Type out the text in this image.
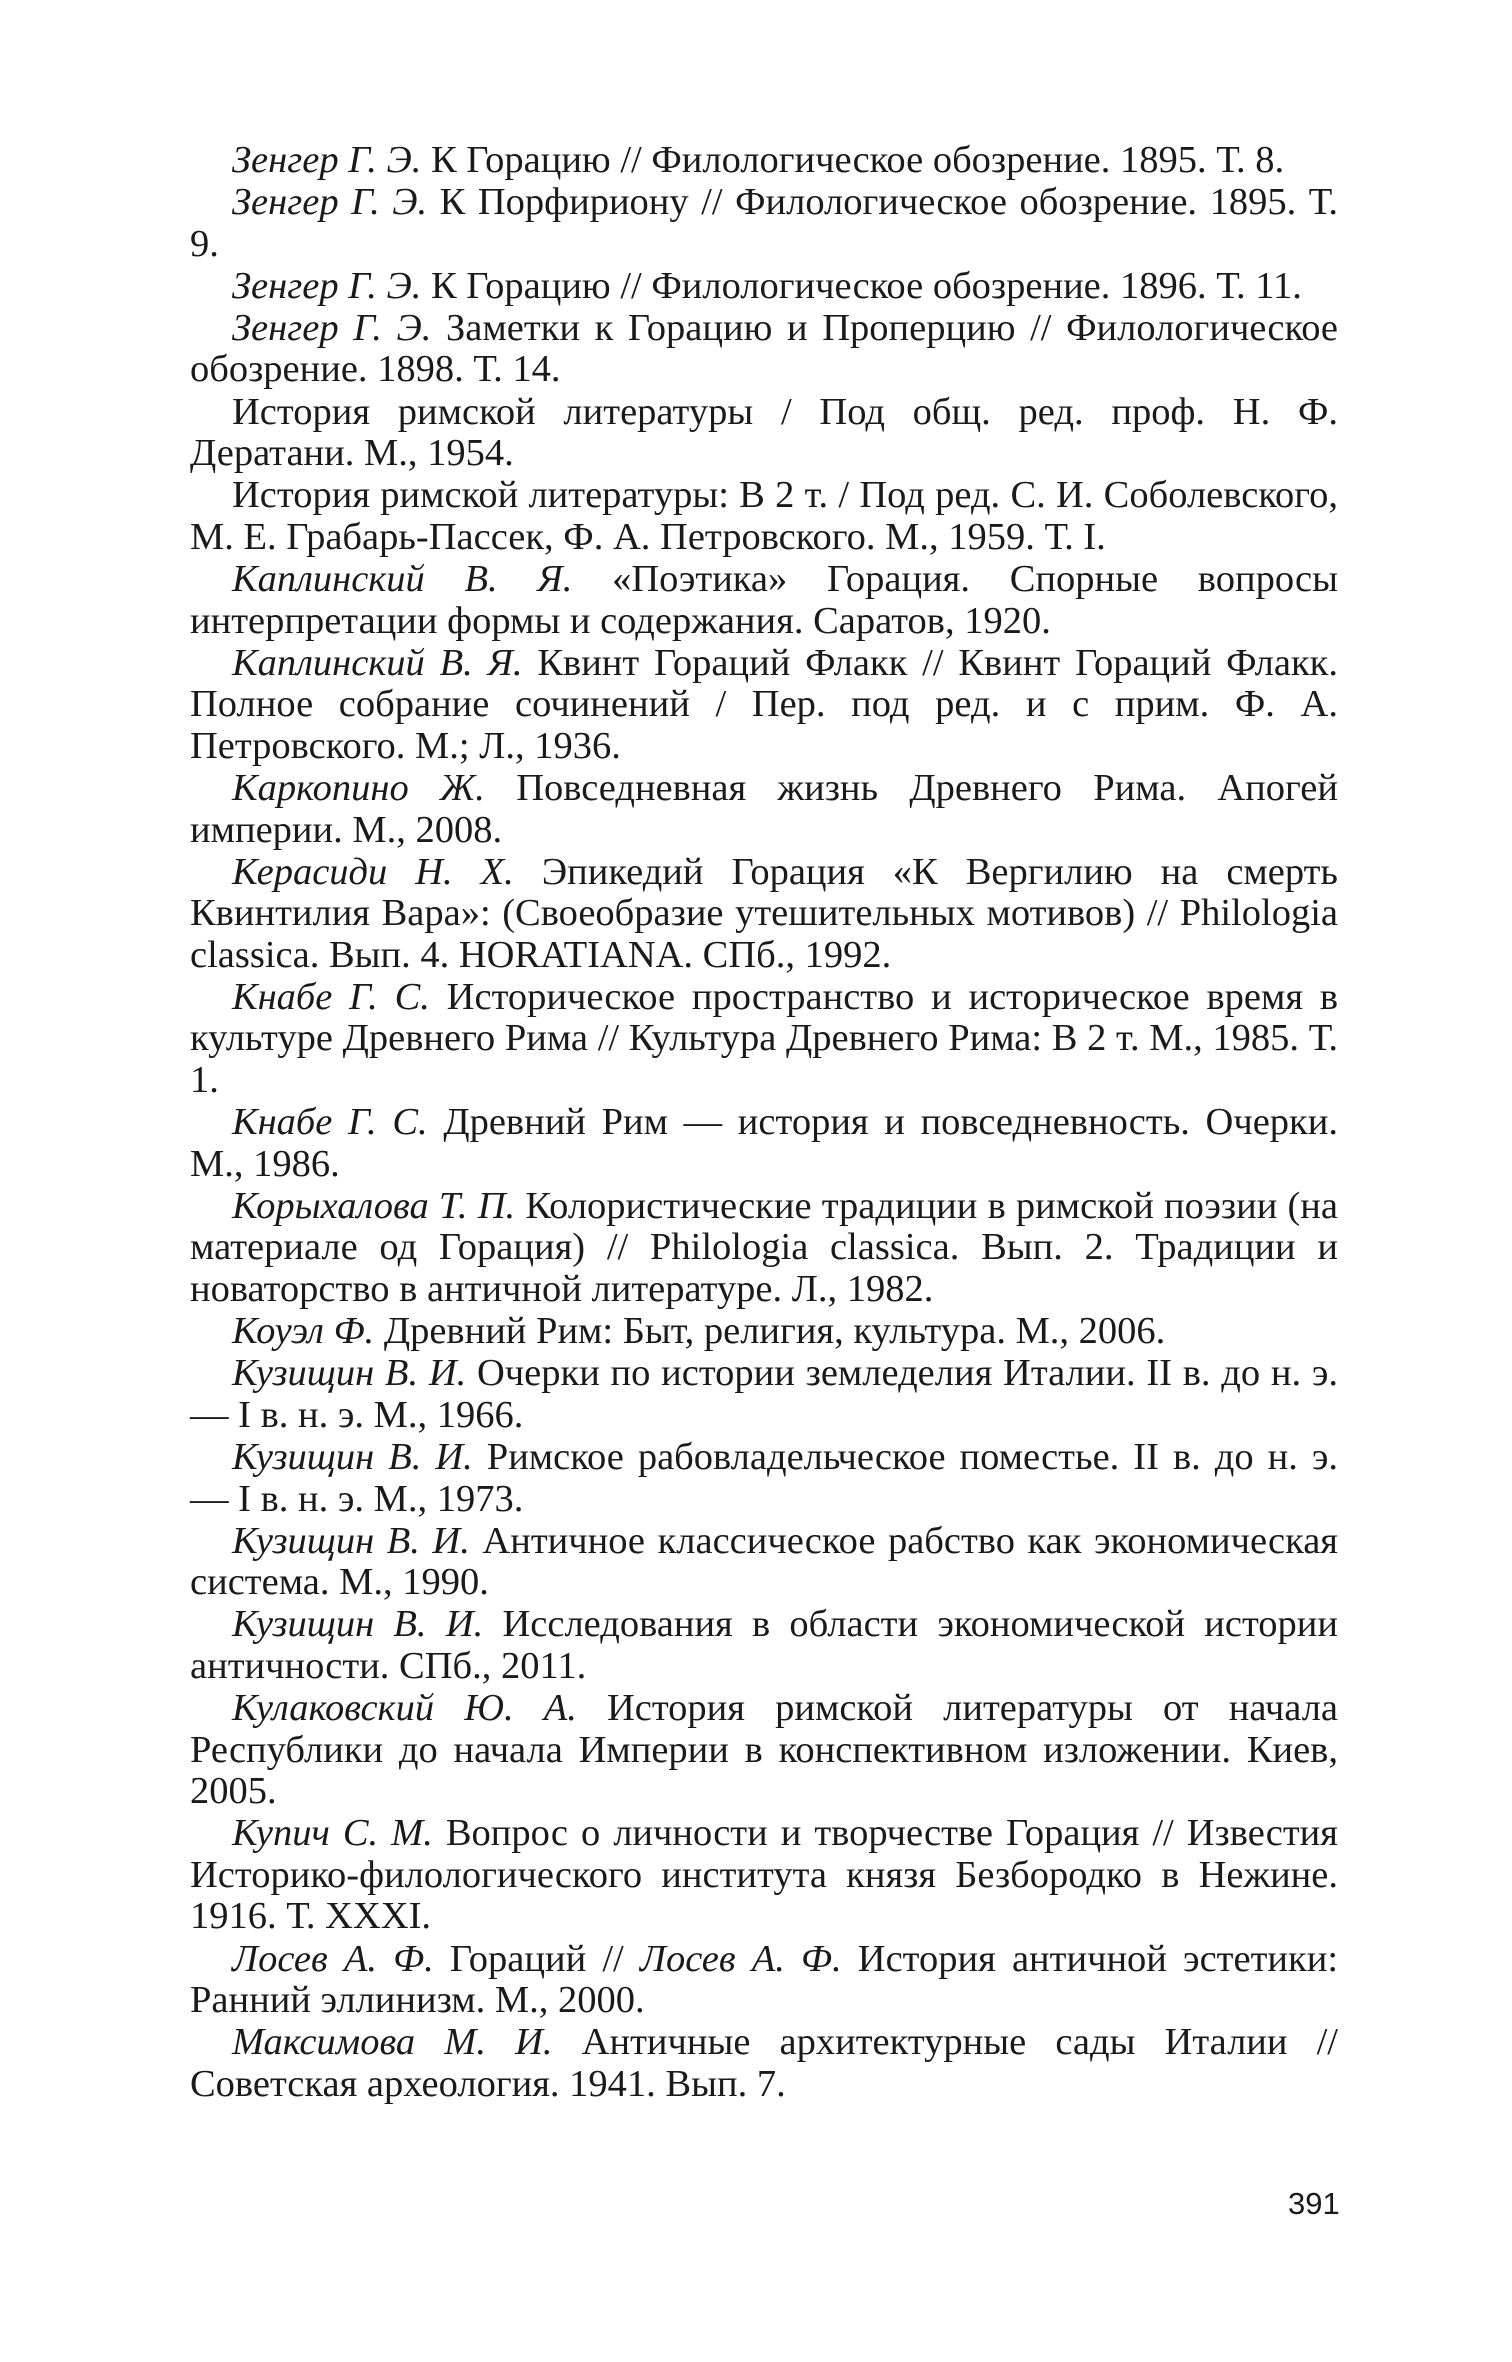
Зенгер Г. Э. К Горацию // Филологическое обозрение. 1895. Т. 8.

Зенгер Г. Э. К Порфириону // Филологическое обозрение. 1895. Т. 9.

Зенгер Г. Э. К Горацию // Филологическое обозрение. 1896. Т. 11.

Зенгер Г. Э. Заметки к Горацию и Проперцию // Филологическое обозрение. 1898. Т. 14.

История римской литературы / Под общ. ред. проф. Н. Ф. Дератани. М., 1954.

История римской литературы: В 2 т. / Под ред. С. И. Соболевского, М. Е. Грабарь-Пассек, Ф. А. Петровского. М., 1959. Т. I.

Каплинский В. Я. «Поэтика» Горация. Спорные вопросы интерпретации формы и содержания. Саратов, 1920.

Каплинский В. Я. Квинт Гораций Флакк // Квинт Гораций Флакк. Полное собрание сочинений / Пер. под ред. и с прим. Ф. А. Петровского. М.; Л., 1936.

Каркопино Ж. Повседневная жизнь Древнего Рима. Апогей империи. М., 2008.

Керасиди Н. Х. Эпикедий Горация «К Вергилию на смерть Квинтилия Вара»: (Своеобразие утешительных мотивов) // Philologia classica. Вып. 4. HORATIANA. СПб., 1992.

Кнабе Г. С. Историческое пространство и историческое время в культуре Древнего Рима // Культура Древнего Рима: В 2 т. М., 1985. Т. 1.

Кнабе Г. С. Древний Рим — история и повседневность. Очерки. М., 1986.

Корыхалова Т. П. Колористические традиции в римской поэзии (на материале од Горация) // Philologia classica. Вып. 2. Традиции и новаторство в античной литературе. Л., 1982.

Коуэл Ф. Древний Рим: Быт, религия, культура. М., 2006.

Кузищин В. И. Очерки по истории земледелия Италии. II в. до н. э. — I в. н. э. М., 1966.

Кузищин В. И. Римское рабовладельческое поместье. II в. до н. э. — I в. н. э. М., 1973.

Кузищин В. И. Античное классическое рабство как экономическая система. М., 1990.

Кузищин В. И. Исследования в области экономической истории античности. СПб., 2011.

Кулаковский Ю. А. История римской литературы от начала Республики до начала Империи в конспективном изложении. Киев, 2005.

Купич С. М. Вопрос о личности и творчестве Горация // Известия Историко-филологического института князя Безбородко в Нежине. 1916. Т. XXXI.

Лосев А. Ф. Гораций // Лосев А. Ф. История античной эстетики: Ранний эллинизм. М., 2000.

Максимова М. И. Античные архитектурные сады Италии // Советская археология. 1941. Вып. 7.

391
